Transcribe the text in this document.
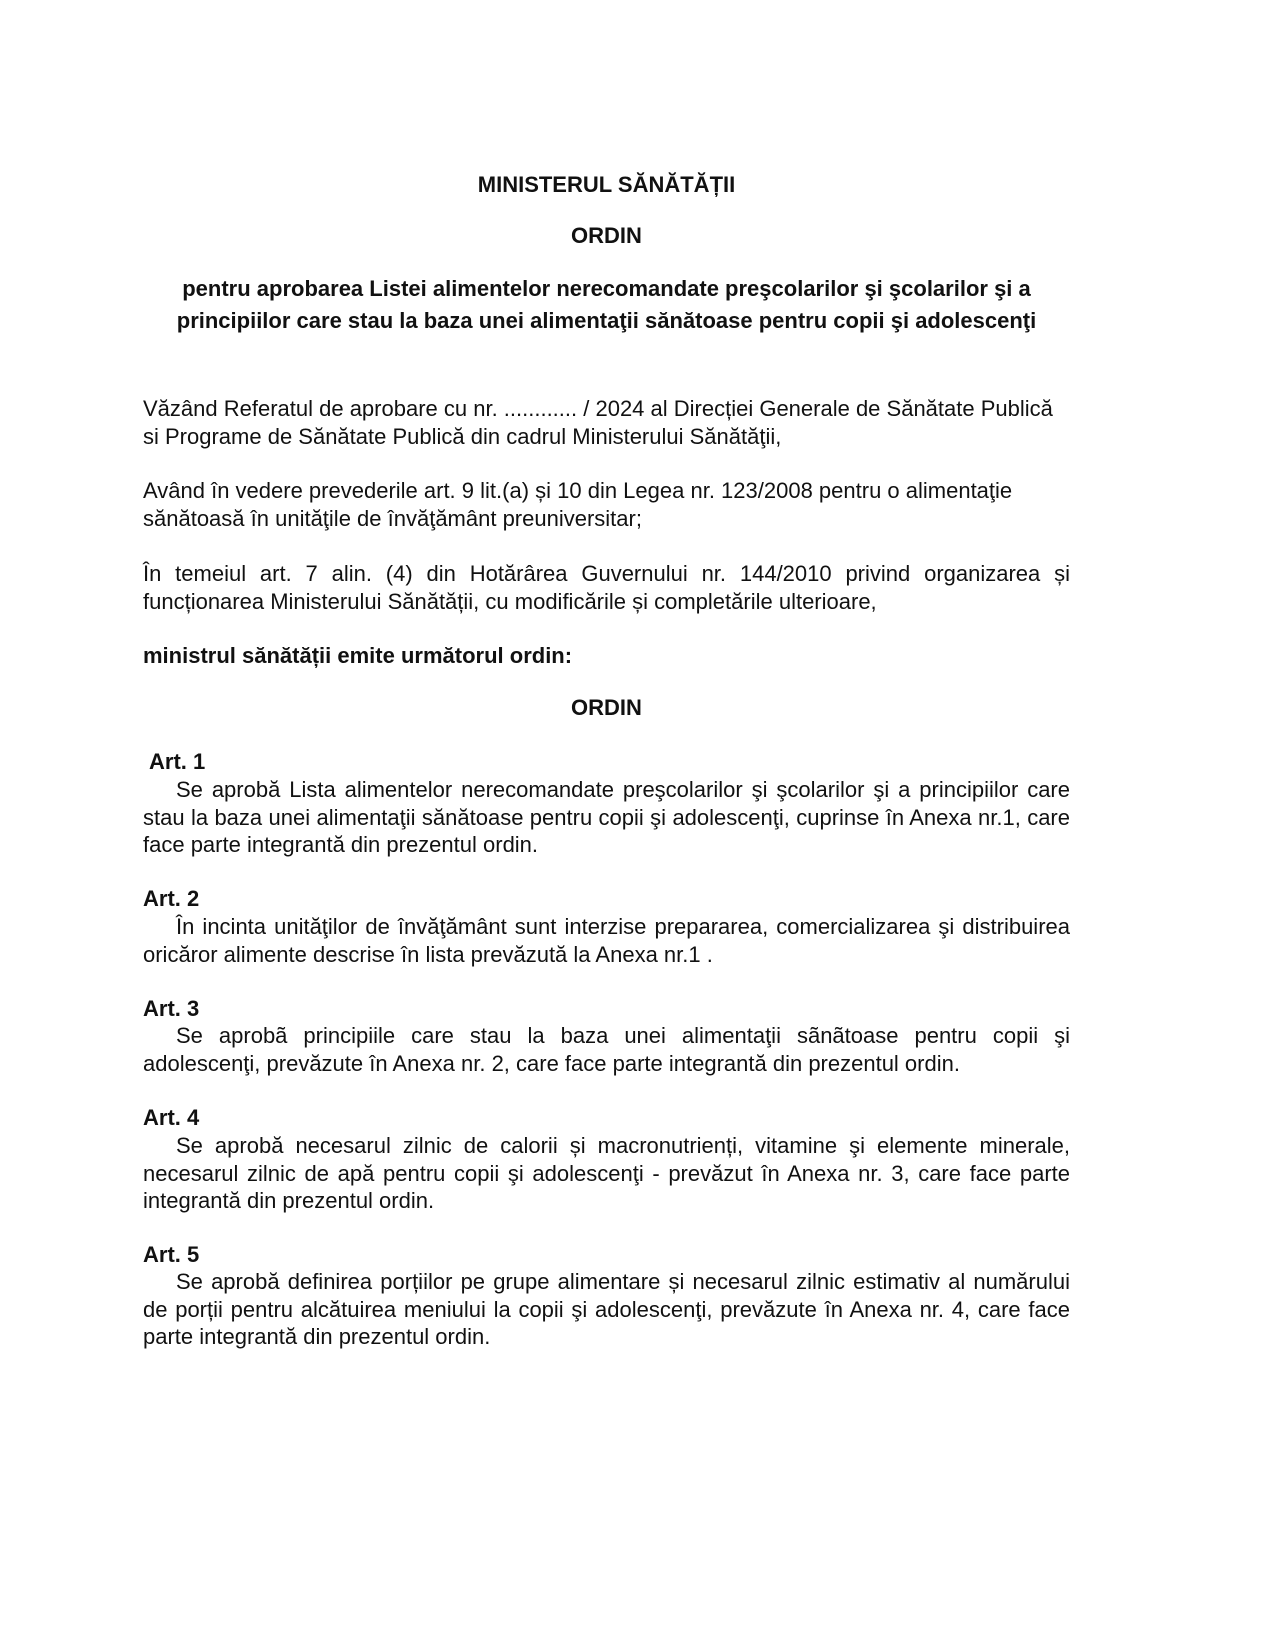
MINISTERUL SĂNĂTĂȚII
ORDIN
pentru aprobarea Listei alimentelor nerecomandate preşcolarilor şi şcolarilor şi a principiilor care stau la baza unei alimentaţii sănătoase pentru copii şi adolescenţi
Văzând Referatul de aprobare cu nr. ............ / 2024 al Direcției Generale de Sănătate Publică si Programe de Sănătate Publică din cadrul Ministerului Sănătăţii,
Având în vedere prevederile art. 9 lit.(a) și 10 din Legea nr. 123/2008 pentru o alimentaţie sănătoasă în unităţile de învăţământ preuniversitar;
În temeiul art. 7 alin. (4) din Hotărârea Guvernului nr. 144/2010 privind organizarea și funcționarea Ministerului Sănătății, cu modificările și completările ulterioare,
ministrul sănătății emite următorul ordin:
ORDIN
Art. 1
Se aprobă Lista alimentelor nerecomandate preşcolarilor şi şcolarilor şi a principiilor care stau la baza unei alimentaţii sănătoase pentru copii şi adolescenţi, cuprinse în Anexa nr.1, care face parte integrantă din prezentul ordin.
Art. 2
În incinta unităţilor de învăţământ sunt interzise prepararea, comercializarea şi distribuirea oricăror alimente descrise în lista prevăzută la Anexa nr.1 .
Art. 3
Se aprobã principiile care stau la baza unei alimentaţii sãnãtoase pentru copii şi adolescenţi, prevăzute în Anexa nr. 2, care face parte integrantă din prezentul ordin.
Art. 4
Se aprobă necesarul zilnic de calorii și macronutrienți, vitamine şi elemente minerale, necesarul zilnic de apă pentru copii şi adolescenţi - prevăzut în Anexa nr. 3, care face parte integrantă din prezentul ordin.
Art. 5
Se aprobă definirea porțiilor pe grupe alimentare și necesarul zilnic estimativ al numărului de porții pentru alcătuirea meniului la copii şi adolescenţi, prevăzute în Anexa nr. 4, care face parte integrantă din prezentul ordin.
